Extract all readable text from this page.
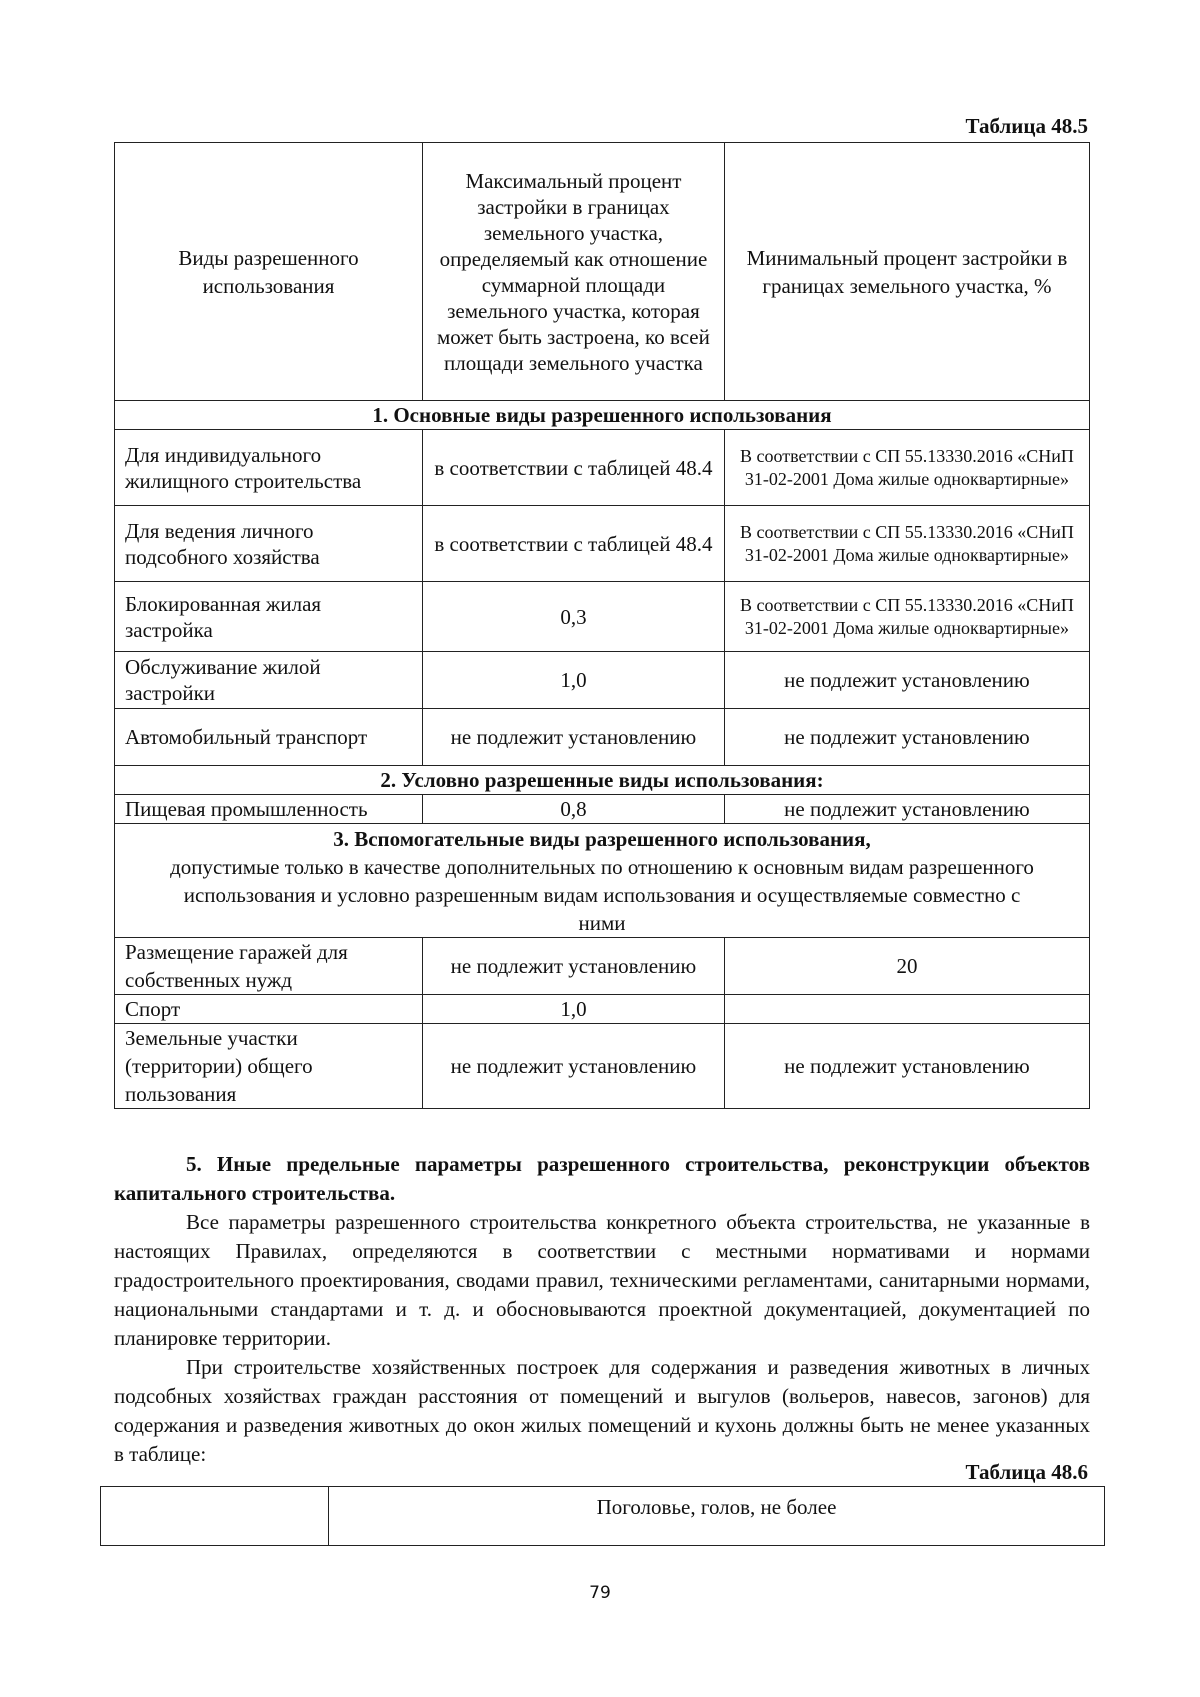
Таблица 48.5
Виды разрешенного использования	Максимальный процент застройки в границах земельного участка, определяемый как отношение суммарной площади земельного участка, которая может быть застроена, ко всей площади земельного участка	Минимальный процент застройки в границах земельного участка, %
1. Основные виды разрешенного использования		
Для индивидуального жилищного строительства	в соответствии с таблицей 48.4	В соответствии с СП 55.13330.2016 «СНиП 31-02-2001 Дома жилые одноквартирные»
Для ведения личного подсобного хозяйства	в соответствии с таблицей 48.4	В соответствии с СП 55.13330.2016 «СНиП 31-02-2001 Дома жилые одноквартирные»
Блокированная жилая застройка	0,3	В соответствии с СП 55.13330.2016 «СНиП 31-02-2001 Дома жилые одноквартирные»
Обслуживание жилой застройки	1,0	не подлежит установлению
Автомобильный транспорт	не подлежит установлению	не подлежит установлению
2. Условно разрешенные виды использования:		
Пищевая промышленность	0,8	не подлежит установлению

3. Вспомогательные виды разрешенного использования,
допустимые только в качестве дополнительных по отношению к основным видам разрешенного использования и условно разрешенным видам использования и осуществляемые совместно с ними		

Размещение гаражей для собственных нужд	не подлежит установлению	20
Спорт	1,0	
Земельные участки (территории) общего пользования	не подлежит установлению	не подлежит установлению
5. Иные предельные параметры разрешенного строительства, реконструкции объектов капитального строительства.
Все параметры разрешенного строительства конкретного объекта строительства, не указанные в настоящих Правилах, определяются в соответствии с местными нормативами и нормами градостроительного проектирования, сводами правил, техническими регламентами, санитарными нормами, национальными стандартами и т. д. и обосновываются проектной документацией, документацией по планировке территории.
При строительстве хозяйственных построек для содержания и разведения животных в личных подсобных хозяйствах граждан расстояния от помещений и выгулов (вольеров, навесов, загонов) для содержания и разведения животных до окон жилых помещений и кухонь должны быть не менее указанных в таблице:
Таблица 48.6
	Поголовье, голов, не более
79
